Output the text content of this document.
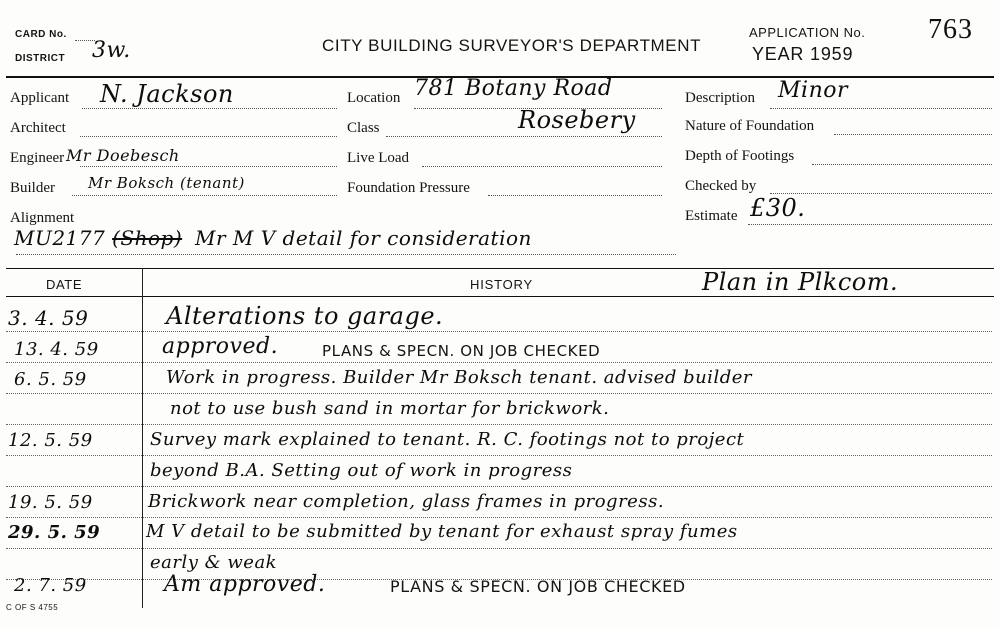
CARD No.
DISTRICT 3w.	CITY BUILDING SURVEYOR'S DEPARTMENT
APPLICATION No.
YEAR 1959
763
Applicant N. Jackson
Architect
Engineer Mr Doebesch
Builder Mr Boksch (tenant)
Alignment
MU2177 (Shop) Mr M V detail for consideration
Location 781 Botany Road
Class	Rosebery
Live Load
Foundation Pressure
Description Minor
Nature of Foundation
Depth of Footings
Checked by
Estimate £30.
DATE	HISTORY	Plan in Plkcom.
3. 4. 59	Alterations to garage.
13. 4. 59	approved.	PLANS & SPECN. ON JOB CHECKED
6. 5. 59	Work in progress. Builder Mr Boksch tenant. advised builder
not to use bush sand in mortar for brickwork.
12. 5. 59	Survey mark explained to tenant. R. C. footings not to project
beyond B.A. Setting out of work in progress
19. 5. 59	Brickwork near completion, glass frames in progress.
29. 5. 59	M V detail to be submitted by tenant for exhaust spray fumes
early & weak
2. 7. 59	Am approved.	PLANS & SPECN. ON JOB CHECKED
C OF S 4755
